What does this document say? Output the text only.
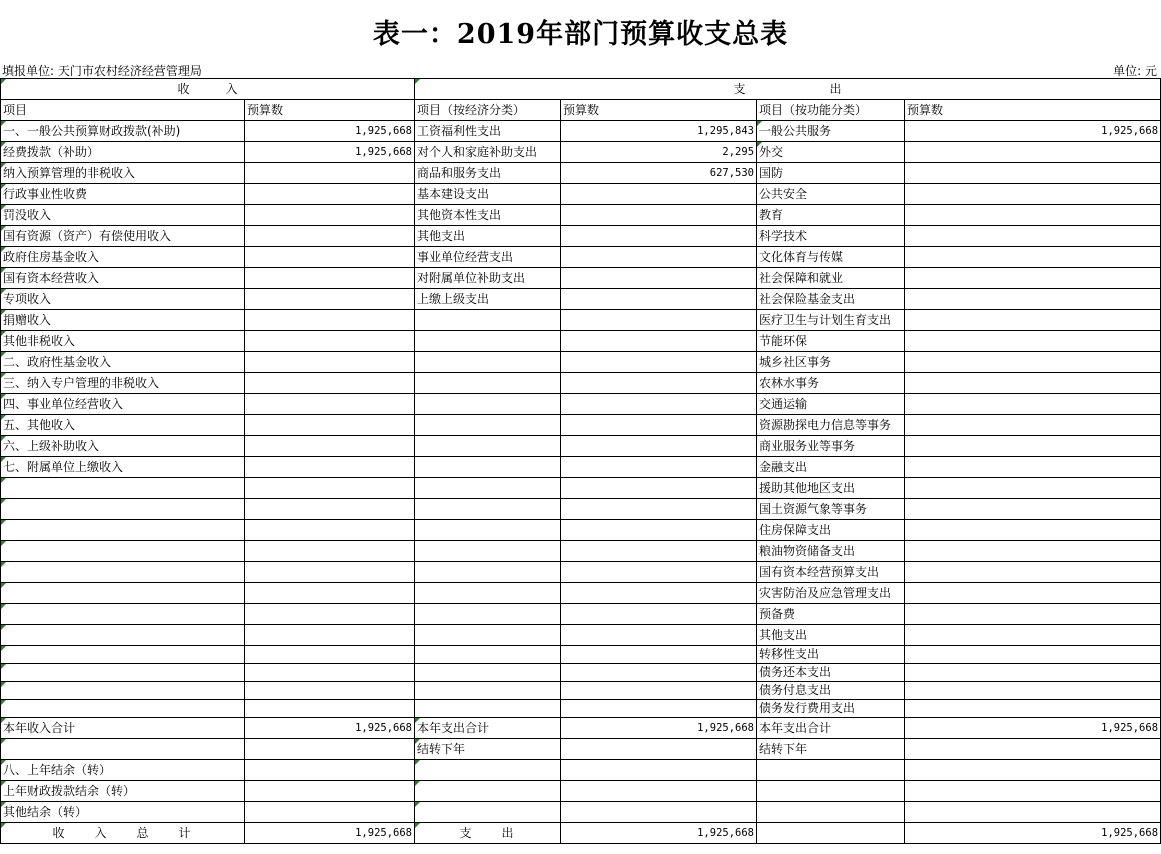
表一：2019年部门预算收支总表
填报单位: 天门市农村经济经营管理局	单位: 元
收　　　入		支　　　　　　　出			
项目	预算数	项目（按经济分类）	预算数	项目（按功能分类）	预算数
一、一般公共预算财政拨款(补助)	1,925,668	工资福利性支出	1,295,843	一般公共服务	1,925,668
经费拨款（补助）	1,925,668	对个人和家庭补助支出	2,295	外交	
纳入预算管理的非税收入		商品和服务支出	627,530	国防	
行政事业性收费		基本建设支出		公共安全	
罚没收入		其他资本性支出		教育	
国有资源（资产）有偿使用收入		其他支出		科学技术	
政府住房基金收入		事业单位经营支出		文化体育与传媒	
国有资本经营收入		对附属单位补助支出		社会保障和就业	
专项收入		上缴上级支出		社会保险基金支出	
捐赠收入				医疗卫生与计划生育支出	
其他非税收入				节能环保	
二、政府性基金收入				城乡社区事务	
三、纳入专户管理的非税收入				农林水事务	
四、事业单位经营收入				交通运输	
五、其他收入				资源勘探电力信息等事务	
六、上级补助收入				商业服务业等事务	
七、附属单位上缴收入				金融支出	
				援助其他地区支出	
				国土资源气象等事务	
				住房保障支出	
				粮油物资储备支出	
				国有资本经营预算支出	
				灾害防治及应急管理支出	
				预备费	
				其他支出	
				转移性支出	
				债务还本支出	
				债务付息支出	
				债务发行费用支出	
本年收入合计	1,925,668	本年支出合计	1,925,668	本年支出合计	1,925,668
		结转下年		结转下年	
八、上年结余（转）					
上年财政拨款结余（转）					
其他结余（转）					
收　　入　　总　　计	1,925,668	支　　出	1,925,668		1,925,668
